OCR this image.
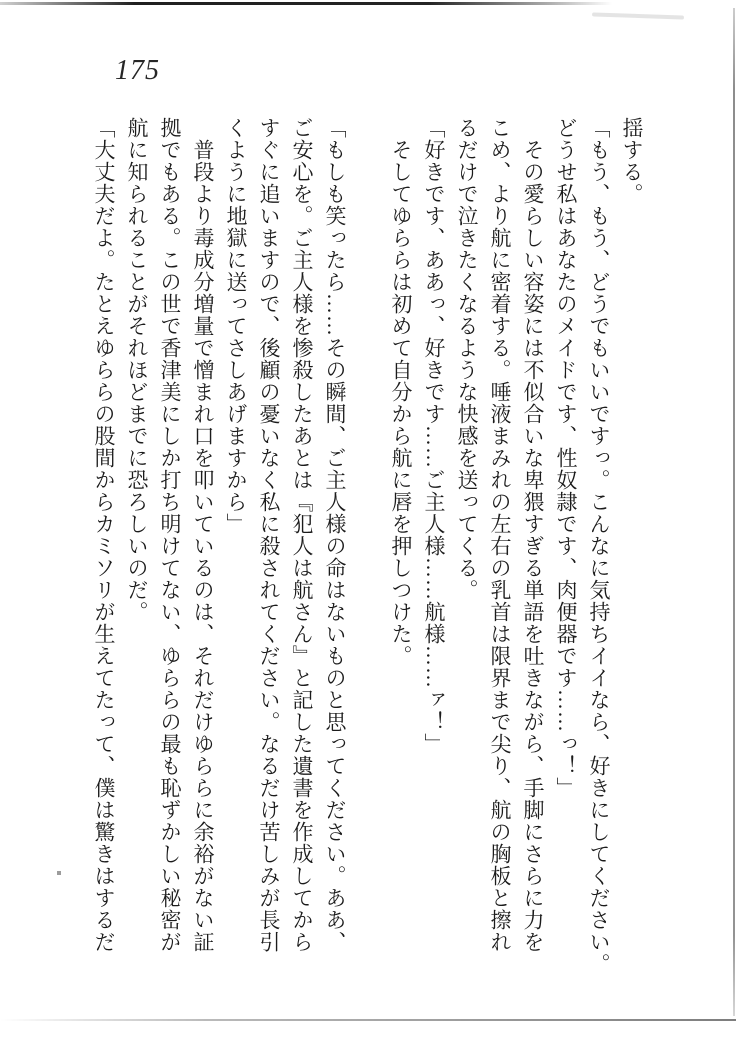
175

揺する。

「もう、もう、どうでもいいですっ。こんなに気持ちイイなら、好きにしてください。

どうせ私はあなたのメイドです、性奴隷です、肉便器です……っ！」

その愛らしい容姿には不似合いな卑猥すぎる単語を吐きながら、手脚にさらに力を

こめ、より航に密着する。唾液まみれの左右の乳首は限界まで尖り、航の胸板と擦れ

るだけで泣きたくなるような快感を送ってくる。

「好きです、ああっ、好きです……ご主人様……航様……ァ！」

そしてゆららは初めて自分から航に唇を押しつけた。

「もしも笑ったら……その瞬間、ご主人様の命はないものと思ってください。ああ、

ご安心を。ご主人様を惨殺したあとは『犯人は航さん』と記した遺書を作成してから

すぐに追いますので、後顧の憂いなく私に殺されてください。なるだけ苦しみが長引

くように地獄に送ってさしあげますから」

普段より毒成分増量で憎まれ口を叩いているのは、それだけゆららに余裕がない証

拠でもある。この世で香津美にしか打ち明けてない、ゆららの最も恥ずかしい秘密が

航に知られることがそれほどまでに恐ろしいのだ。

「大丈夫だよ。たとえゆららの股間からカミソリが生えてたって、僕は驚きはするだ
